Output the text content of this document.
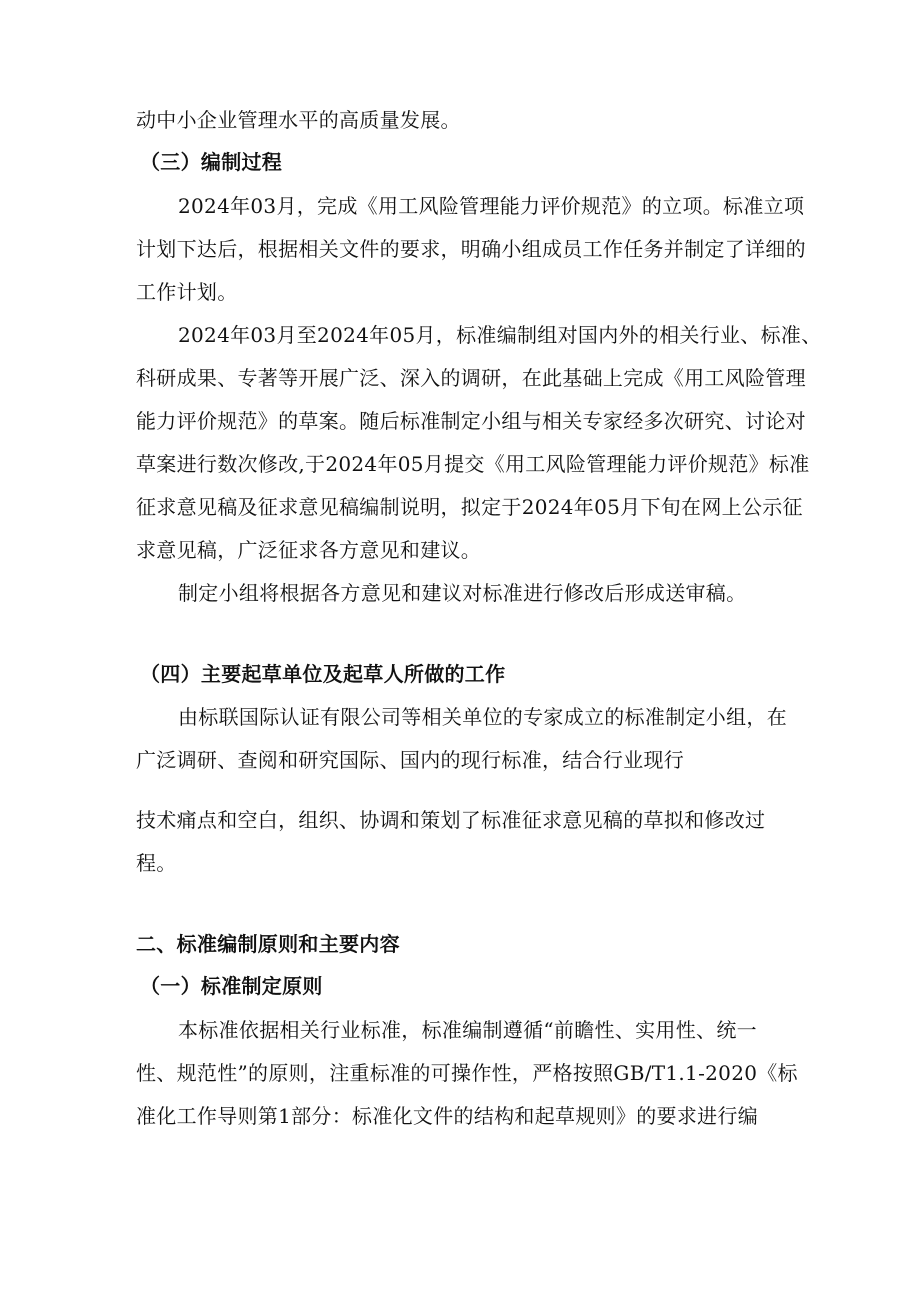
动中小企业管理水平的高质量发展。
（三）编制过程
2024年03月，完成《用工风险管理能力评价规范》的立项。标准立项
计划下达后，根据相关文件的要求，明确小组成员工作任务并制定了详细的
工作计划。
2024年03月至2024年05月，标准编制组对国内外的相关行业、标准、
科研成果、专著等开展广泛、深入的调研，在此基础上完成《用工风险管理
能力评价规范》的草案。随后标准制定小组与相关专家经多次研究、讨论对
草案进行数次修改,于2024年05月提交《用工风险管理能力评价规范》标准
征求意见稿及征求意见稿编制说明，拟定于2024年05月下旬在网上公示征
求意见稿，广泛征求各方意见和建议。
制定小组将根据各方意见和建议对标准进行修改后形成送审稿。
（四）主要起草单位及起草人所做的工作
由标联国际认证有限公司等相关单位的专家成立的标准制定小组，在
广泛调研、查阅和研究国际、国内的现行标准，结合行业现行
技术痛点和空白，组织、协调和策划了标准征求意见稿的草拟和修改过
程。
二、标准编制原则和主要内容
（一）标准制定原则
本标准依据相关行业标准，标准编制遵循“前瞻性、实用性、统一
性、规范性”的原则，注重标准的可操作性，严格按照GB/T1.1-2020《标
准化工作导则第1部分：标准化文件的结构和起草规则》的要求进行编
